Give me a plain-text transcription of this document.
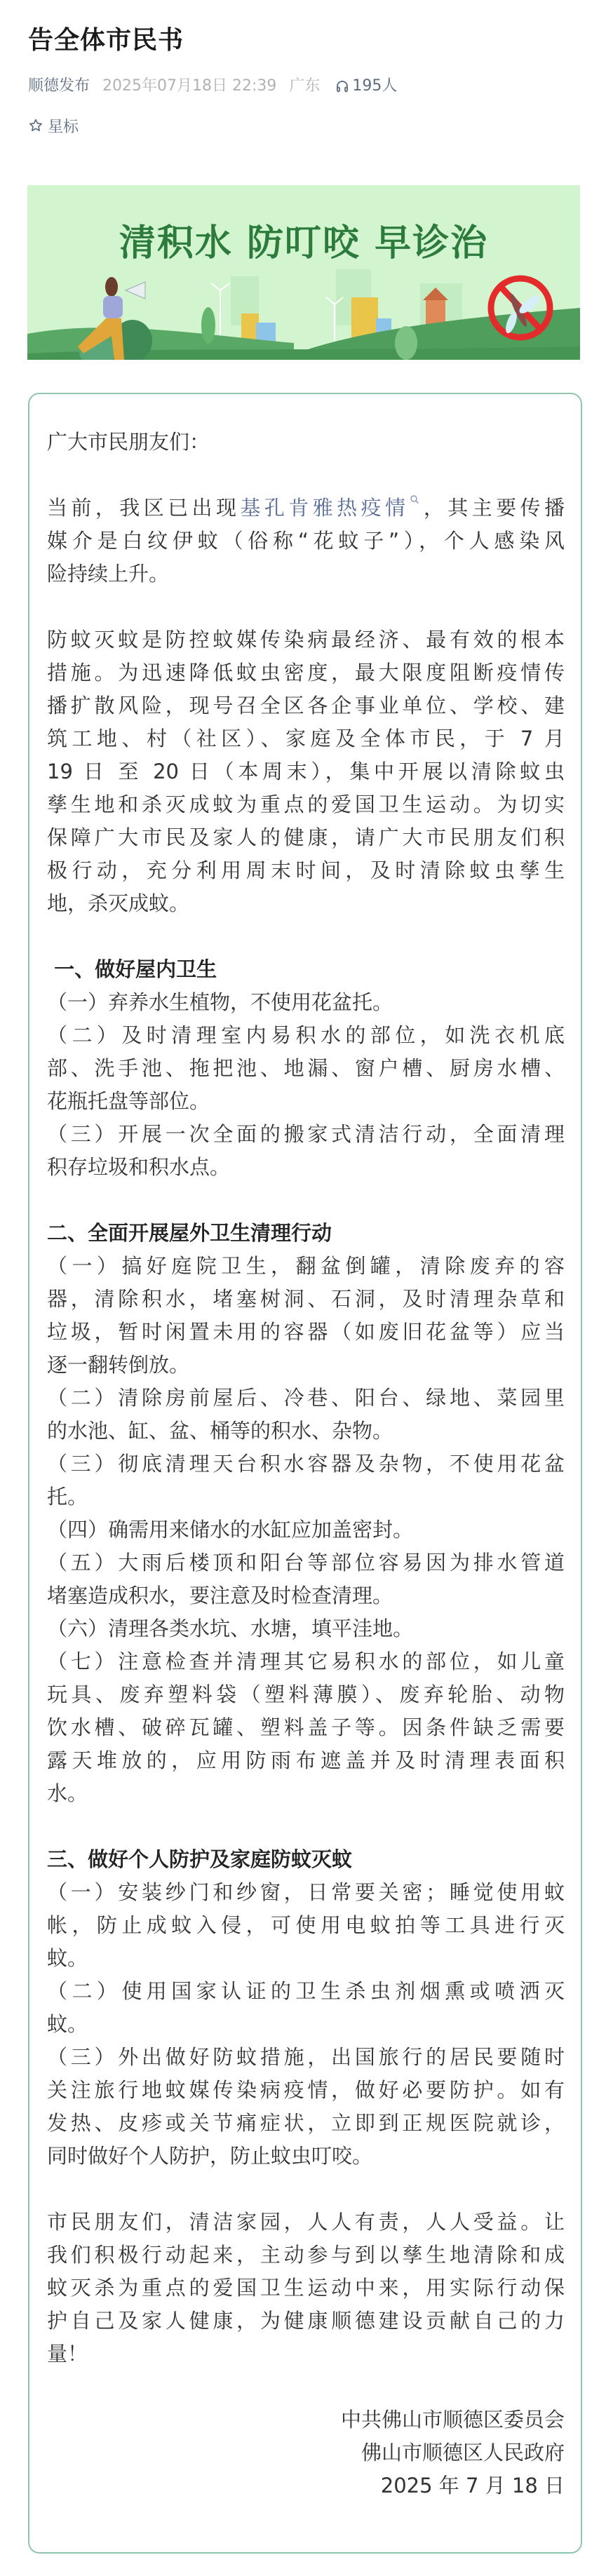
告全体市民书
顺德发布 2025年07月18日 22:39 广东 195人
星标
清积水 防叮咬 早诊治
广大市民朋友们：
当前，我区已出现基孔肯雅热疫情 ，其主要传播
媒介是白纹伊蚊（俗称“花蚊子”），个人感染风
险持续上升。
防蚊灭蚊是防控蚊媒传染病最经济、最有效的根本
措施。为迅速降低蚊虫密度，最大限度阻断疫情传
播扩散风险，现号召全区各企事业单位、学校、建
筑工地、村（社区）、家庭及全体市民，于 7 月
19 日 至 20 日（本周末），集中开展以清除蚊虫
孳生地和杀灭成蚊为重点的爱国卫生运动。为切实
保障广大市民及家人的健康，请广大市民朋友们积
极行动，充分利用周末时间，及时清除蚊虫孳生
地，杀灭成蚊。
一、做好屋内卫生
（一）弃养水生植物，不使用花盆托。
（二）及时清理室内易积水的部位，如洗衣机底
部、洗手池、拖把池、地漏、窗户槽、厨房水槽、
花瓶托盘等部位。
（三）开展一次全面的搬家式清洁行动，全面清理
积存垃圾和积水点。
二、全面开展屋外卫生清理行动
（一）搞好庭院卫生，翻盆倒罐，清除废弃的容
器，清除积水，堵塞树洞、石洞，及时清理杂草和
垃圾，暂时闲置未用的容器（如废旧花盆等）应当
逐一翻转倒放。
（二）清除房前屋后、冷巷、阳台、绿地、菜园里
的水池、缸、盆、桶等的积水、杂物。
（三）彻底清理天台积水容器及杂物，不使用花盆
托。
（四）确需用来储水的水缸应加盖密封。
（五）大雨后楼顶和阳台等部位容易因为排水管道
堵塞造成积水，要注意及时检查清理。
（六）清理各类水坑、水塘，填平洼地。
（七）注意检查并清理其它易积水的部位，如儿童
玩具、废弃塑料袋（塑料薄膜）、废弃轮胎、动物
饮水槽、破碎瓦罐、塑料盖子等。因条件缺乏需要
露天堆放的，应用防雨布遮盖并及时清理表面积
水。
三、做好个人防护及家庭防蚊灭蚊
（一）安装纱门和纱窗，日常要关密；睡觉使用蚊
帐，防止成蚊入侵，可使用电蚊拍等工具进行灭
蚊。
（二）使用国家认证的卫生杀虫剂烟熏或喷洒灭
蚊。
（三）外出做好防蚊措施，出国旅行的居民要随时
关注旅行地蚊媒传染病疫情，做好必要防护。如有
发热、皮疹或关节痛症状，立即到正规医院就诊，
同时做好个人防护，防止蚊虫叮咬。
市民朋友们，清洁家园，人人有责，人人受益。让
我们积极行动起来，主动参与到以孳生地清除和成
蚊灭杀为重点的爱国卫生运动中来，用实际行动保
护自己及家人健康，为健康顺德建设贡献自己的力
量！
中共佛山市顺德区委员会
佛山市顺德区人民政府
2025 年 7 月 18 日
